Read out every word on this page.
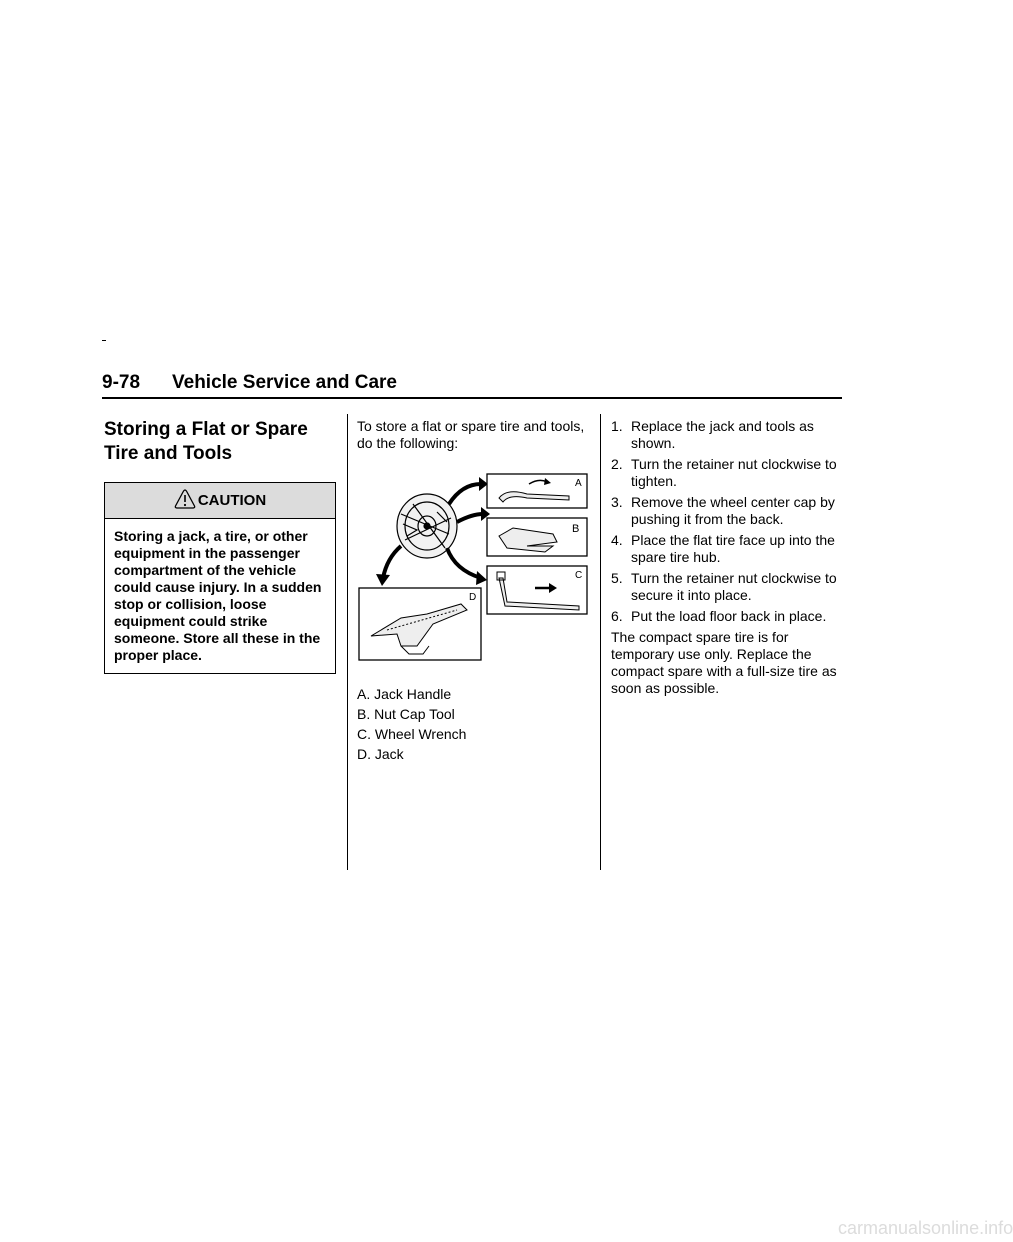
9-78 Vehicle Service and Care
Storing a Flat or Spare Tire and Tools
CAUTION
Storing a jack, a tire, or other equipment in the passenger compartment of the vehicle could cause injury. In a sudden stop or collision, loose equipment could strike someone. Store all these in the proper place.

To store a flat or spare tire and tools, do the following:

A
B
C
D
A. Jack Handle
B. Nut Cap Tool
C. Wheel Wrench
D. Jack
1. Replace the jack and tools as shown.
2. Turn the retainer nut clockwise to tighten.
3. Remove the wheel center cap by pushing it from the back.
4. Place the flat tire face up into the spare tire hub.
5. Turn the retainer nut clockwise to secure it into place.
6. Put the load floor back in place.

The compact spare tire is for temporary use only. Replace the compact spare with a full-size tire as soon as possible.

carmanualsonline.info
